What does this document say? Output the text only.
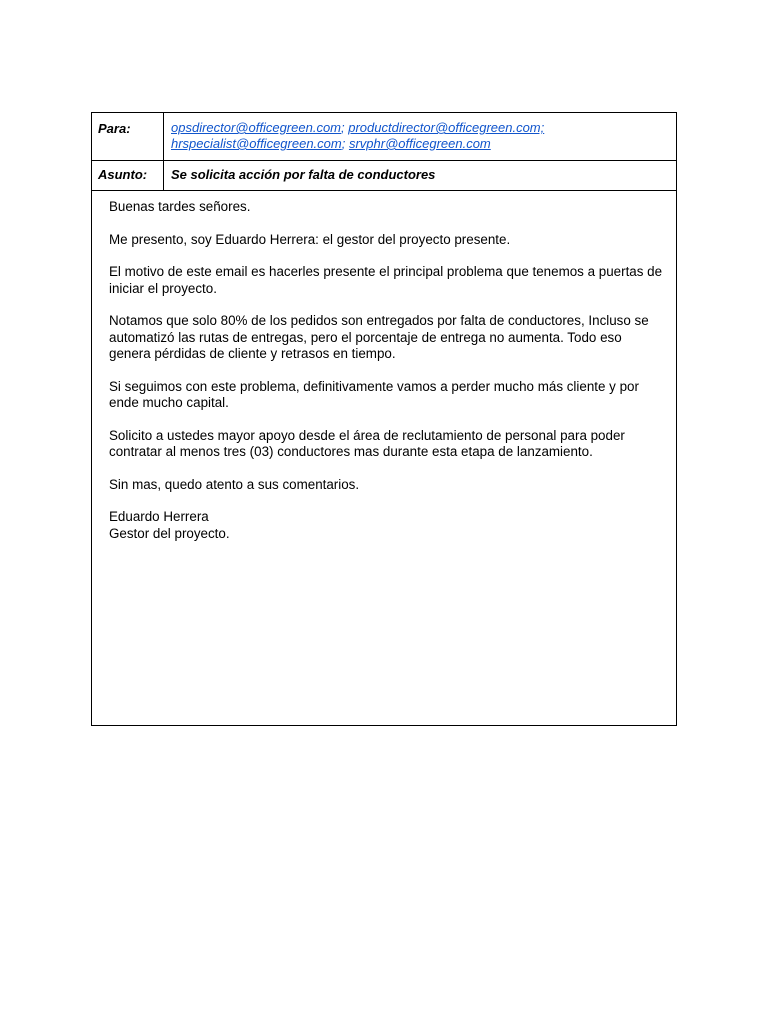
Para:	opsdirector@officegreen.com; productdirector@officegreen.com;
hrspecialist@officegreen.com; srvphr@officegreen.com
Asunto:	Se solicita acción por falta de conductores

Buenas tardes señores.

Me presento, soy Eduardo Herrera: el gestor del proyecto presente.

El motivo de este email es hacerles presente el principal problema que tenemos a puertas de iniciar el proyecto.

Notamos que solo 80% de los pedidos son entregados por falta de conductores, Incluso se automatizó las rutas de entregas, pero el porcentaje de entrega no aumenta. Todo eso genera pérdidas de cliente y retrasos en tiempo.

Si seguimos con este problema, definitivamente vamos a perder mucho más cliente y por ende mucho capital.

Solicito a ustedes mayor apoyo desde el área de reclutamiento de personal para poder contratar al menos tres (03) conductores mas durante esta etapa de lanzamiento.

Sin mas, quedo atento a sus comentarios.

Eduardo Herrera
Gestor del proyecto.
